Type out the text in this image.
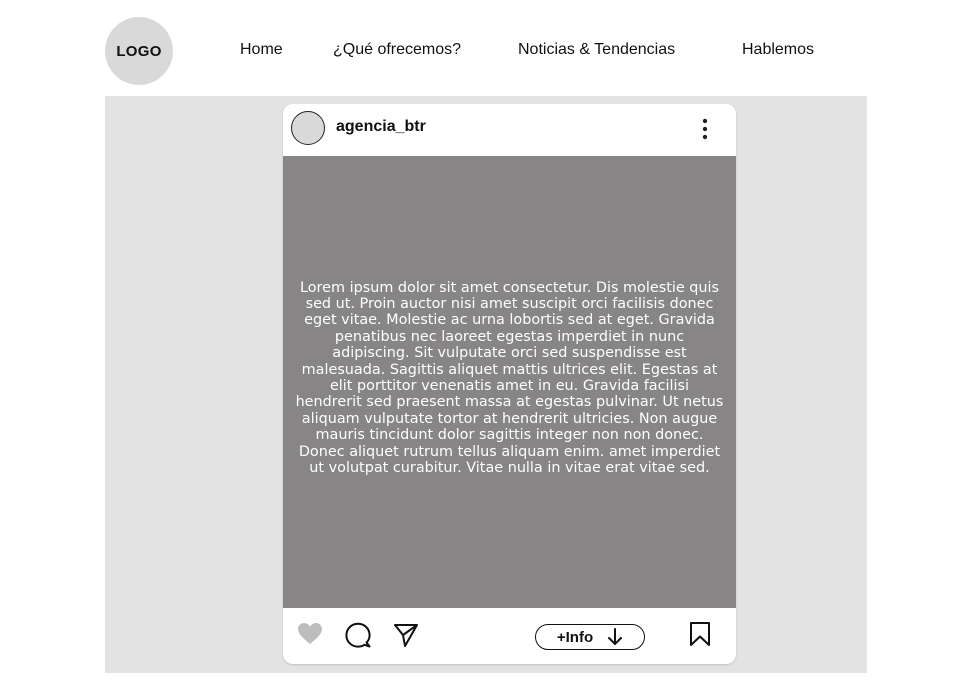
LOGO	Home	¿Qué ofrecemos?	Noticias & Tendencias	Hablemos
agencia_btr
Lorem ipsum dolor sit amet consectetur. Dis molestie quis sed ut. Proin auctor nisi amet suscipit orci facilisis donec eget vitae. Molestie ac urna lobortis sed at eget. Gravida penatibus nec laoreet egestas imperdiet in nunc adipiscing. Sit vulputate orci sed suspendisse est malesuada. Sagittis aliquet mattis ultrices elit. Egestas at elit porttitor venenatis amet in eu. Gravida facilisi hendrerit sed praesent massa at egestas pulvinar. Ut netus aliquam vulputate tortor at hendrerit ultricies. Non augue mauris tincidunt dolor sagittis integer non non donec. Donec aliquet rutrum tellus aliquam enim. amet imperdiet ut volutpat curabitur. Vitae nulla in vitae erat vitae sed.
+Info
